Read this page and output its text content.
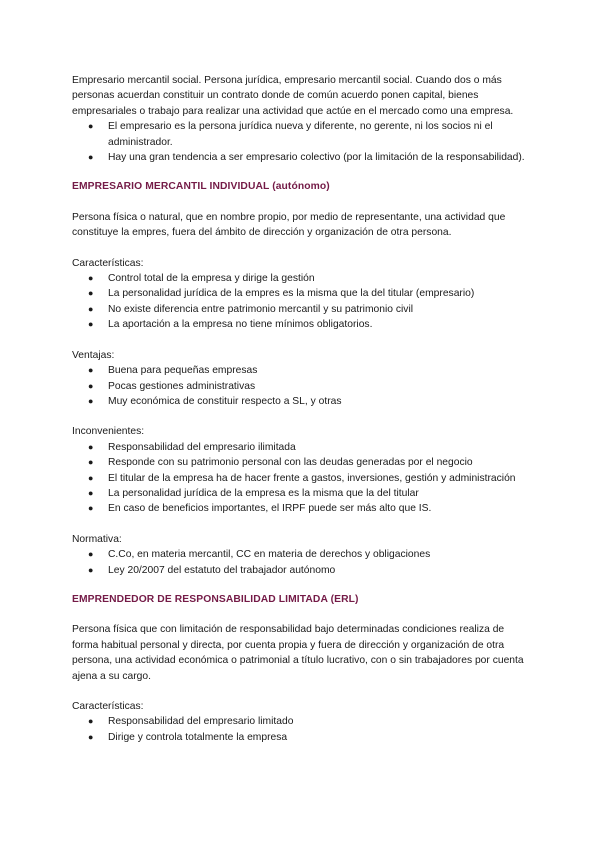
Empresario mercantil social. Persona jurídica, empresario mercantil social. Cuando dos o más personas acuerdan constituir un contrato donde de común acuerdo ponen capital, bienes empresariales o trabajo para realizar una actividad que actúe en el mercado como una empresa.

● El empresario es la persona jurídica nueva y diferente, no gerente, ni los socios ni el administrador.
● Hay una gran tendencia a ser empresario colectivo (por la limitación de la responsabilidad).
EMPRESARIO MERCANTIL INDIVIDUAL (autónomo)

Persona física o natural, que en nombre propio, por medio de representante, una actividad que constituye la empres, fuera del ámbito de dirección y organización de otra persona.

Características:

● Control total de la empresa y dirige la gestión
● La personalidad jurídica de la empres es la misma que la del titular (empresario)
● No existe diferencia entre patrimonio mercantil y su patrimonio civil
● La aportación a la empresa no tiene mínimos obligatorios.

Ventajas:

● Buena para pequeñas empresas
● Pocas gestiones administrativas
● Muy económica de constituir respecto a SL, y otras

Inconvenientes:

● Responsabilidad del empresario ilimitada
● Responde con su patrimonio personal con las deudas generadas por el negocio
● El titular de la empresa ha de hacer frente a gastos, inversiones, gestión y administración
● La personalidad jurídica de la empresa es la misma que la del titular
● En caso de beneficios importantes, el IRPF puede ser más alto que IS.

Normativa:

● C.Co, en materia mercantil, CC en materia de derechos y obligaciones
● Ley 20/2007 del estatuto del trabajador autónomo
EMPRENDEDOR DE RESPONSABILIDAD LIMITADA (ERL)

Persona física que con limitación de responsabilidad bajo determinadas condiciones realiza de forma habitual personal y directa, por cuenta propia y fuera de dirección y organización de otra persona, una actividad económica o patrimonial a título lucrativo, con o sin trabajadores por cuenta ajena a su cargo.

Características:

● Responsabilidad del empresario limitado
● Dirige y controla totalmente la empresa
